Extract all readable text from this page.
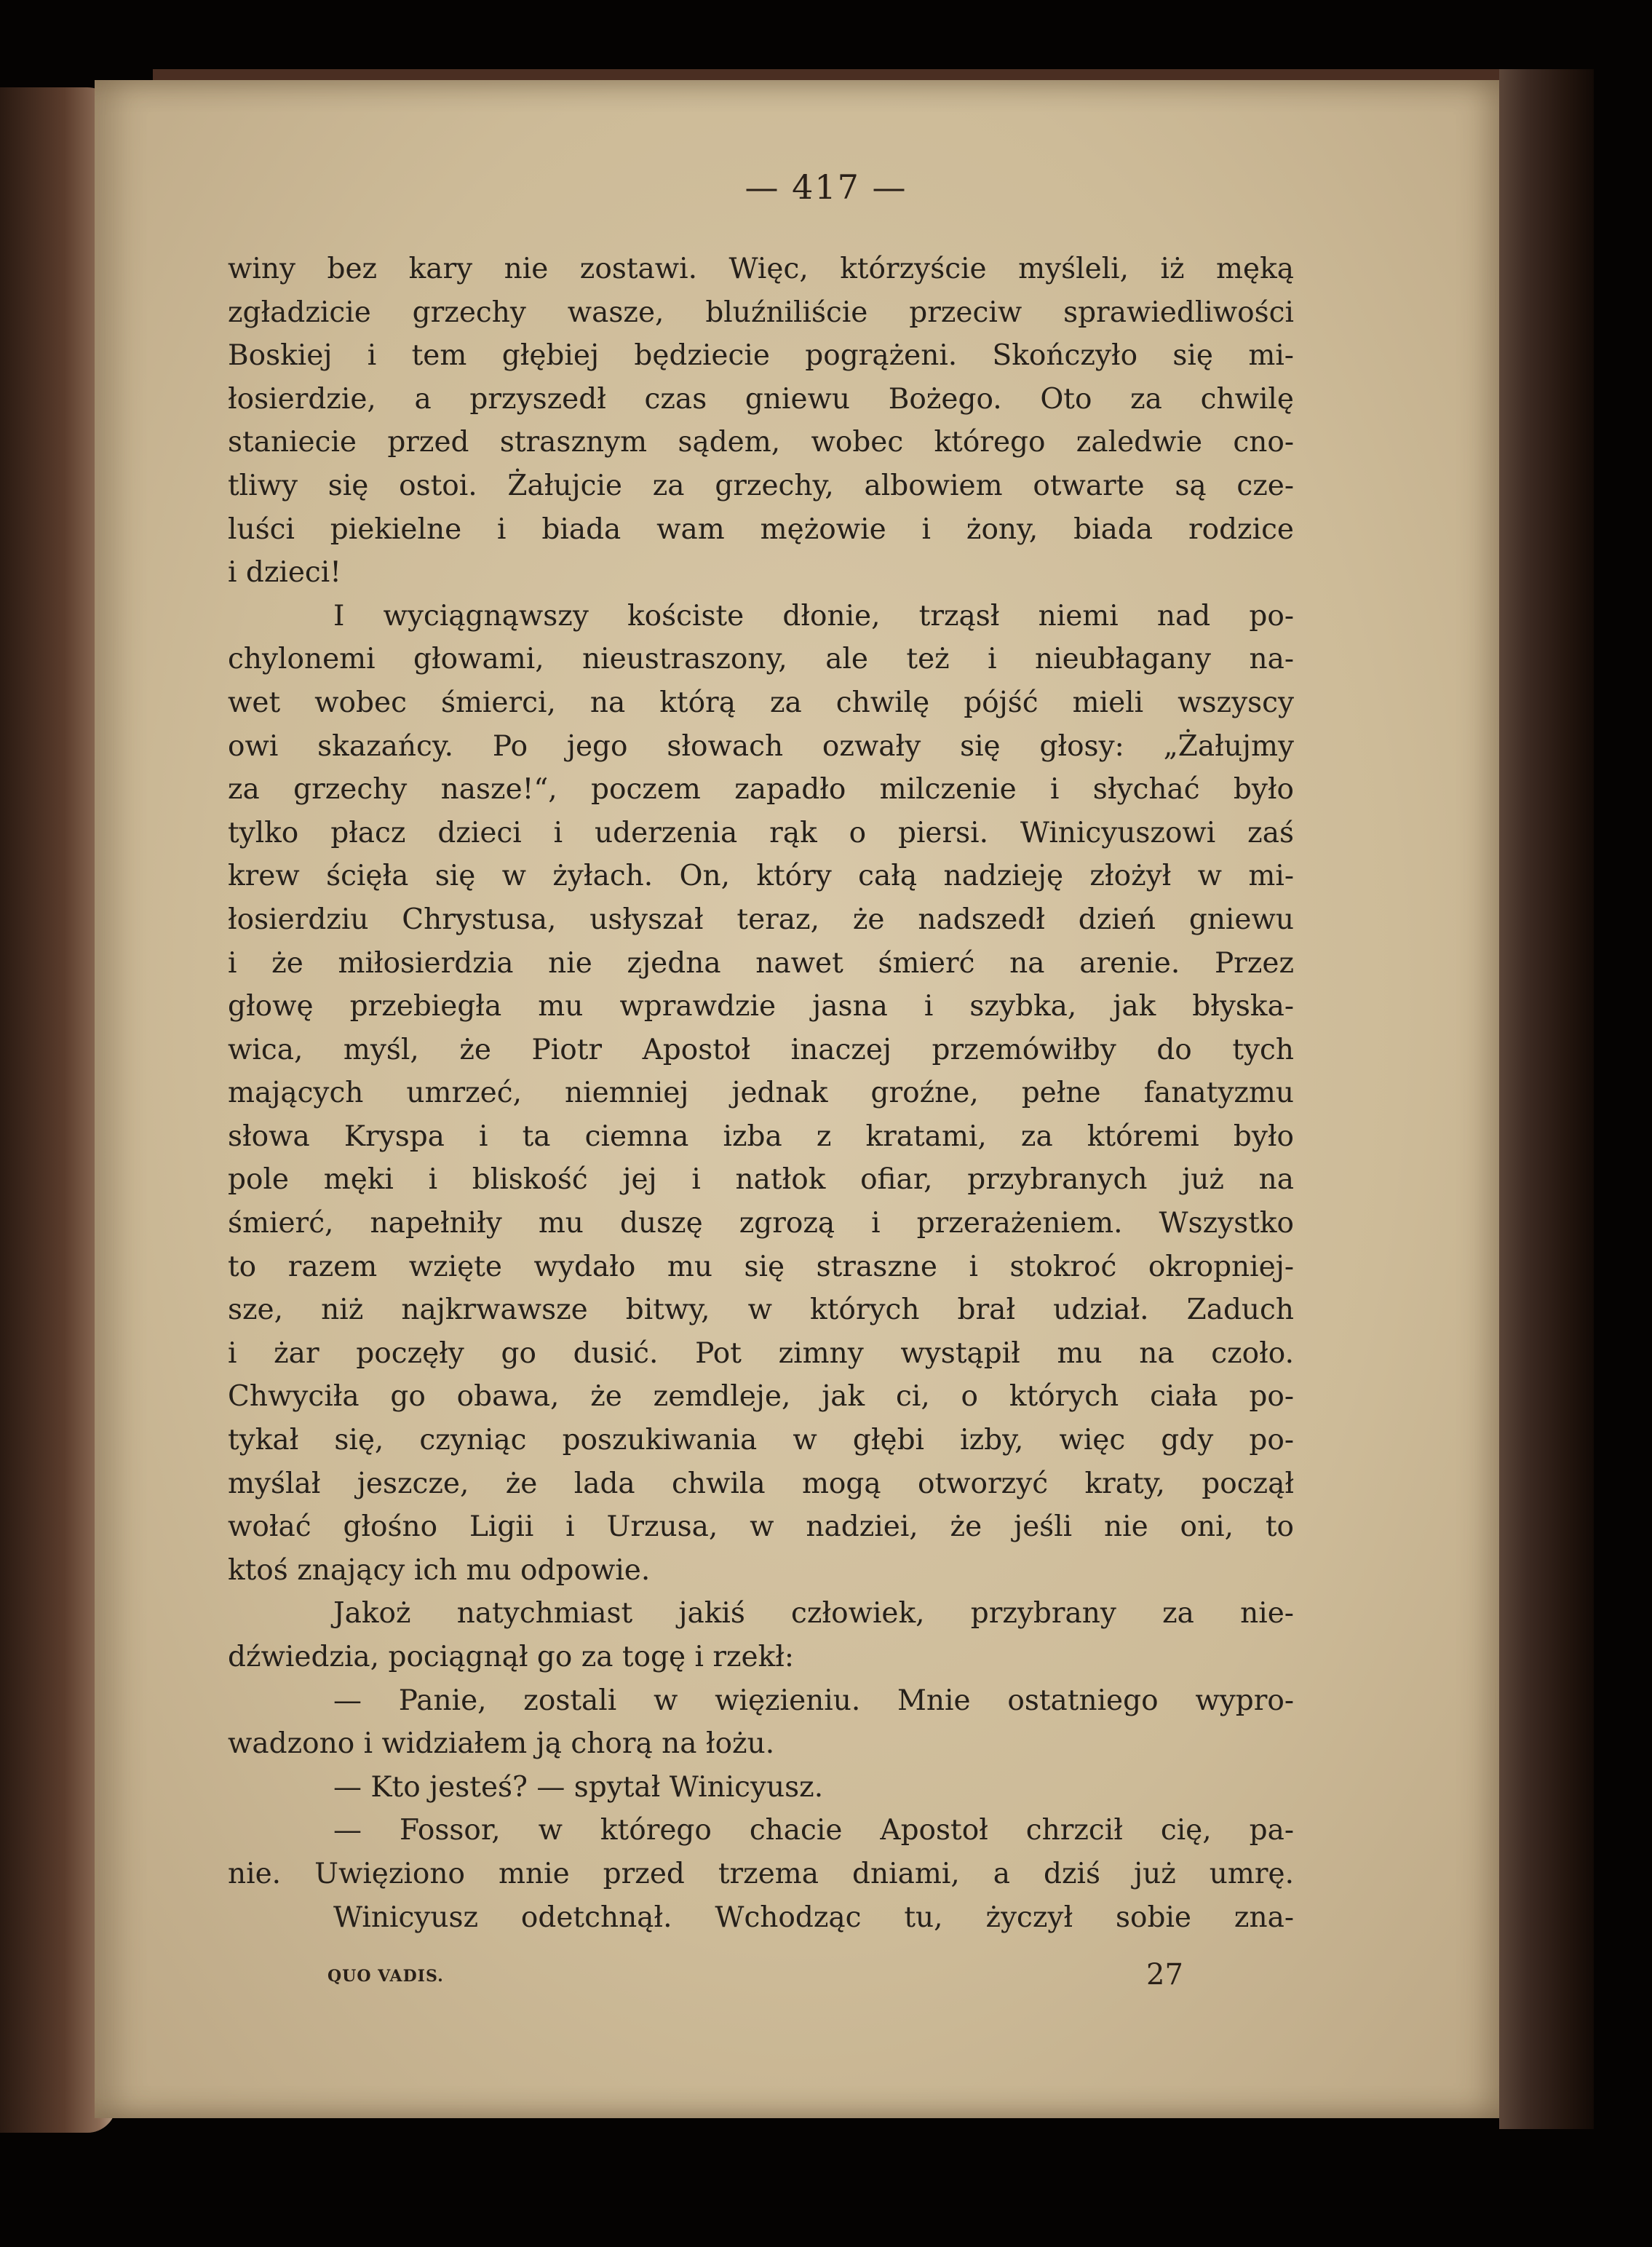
— 417 —
winy bez kary nie zostawi. Więc, którzyście myśleli, iż męką
zgładzicie grzechy wasze, bluźniliście przeciw sprawiedliwości
Boskiej i tem głębiej będziecie pogrążeni. Skończyło się mi-
łosierdzie, a przyszedł czas gniewu Bożego. Oto za chwilę
staniecie przed strasznym sądem, wobec którego zaledwie cno-
tliwy się ostoi. Żałujcie za grzechy, albowiem otwarte są cze-
luści piekielne i biada wam mężowie i żony, biada rodzice
i dzieci!
I wyciągnąwszy kościste dłonie, trząsł niemi nad po-
chylonemi głowami, nieustraszony, ale też i nieubłagany na-
wet wobec śmierci, na którą za chwilę pójść mieli wszyscy
owi skazańcy. Po jego słowach ozwały się głosy: „Żałujmy
za grzechy nasze!“, poczem zapadło milczenie i słychać było
tylko płacz dzieci i uderzenia rąk o piersi. Winicyuszowi zaś
krew ścięła się w żyłach. On, który całą nadzieję złożył w mi-
łosierdziu Chrystusa, usłyszał teraz, że nadszedł dzień gniewu
i że miłosierdzia nie zjedna nawet śmierć na arenie. Przez
głowę przebiegła mu wprawdzie jasna i szybka, jak błyska-
wica, myśl, że Piotr Apostoł inaczej przemówiłby do tych
mających umrzeć, niemniej jednak groźne, pełne fanatyzmu
słowa Kryspa i ta ciemna izba z kratami, za któremi było
pole męki i bliskość jej i natłok ofiar, przybranych już na
śmierć, napełniły mu duszę zgrozą i przerażeniem. Wszystko
to razem wzięte wydało mu się straszne i stokroć okropniej-
sze, niż najkrwawsze bitwy, w których brał udział. Zaduch
i żar poczęły go dusić. Pot zimny wystąpił mu na czoło.
Chwyciła go obawa, że zemdleje, jak ci, o których ciała po-
tykał się, czyniąc poszukiwania w głębi izby, więc gdy po-
myślał jeszcze, że lada chwila mogą otworzyć kraty, począł
wołać głośno Ligii i Urzusa, w nadziei, że jeśli nie oni, to
ktoś znający ich mu odpowie.
Jakoż natychmiast jakiś człowiek, przybrany za nie-
dźwiedzia, pociągnął go za togę i rzekł:
— Panie, zostali w więzieniu. Mnie ostatniego wypro-
wadzono i widziałem ją chorą na łożu.
— Kto jesteś? — spytał Winicyusz.
— Fossor, w którego chacie Apostoł chrzcił cię, pa-
nie. Uwięziono mnie przed trzema dniami, a dziś już umrę.
Winicyusz odetchnął. Wchodząc tu, życzył sobie zna-
QUO VADIS.	27
